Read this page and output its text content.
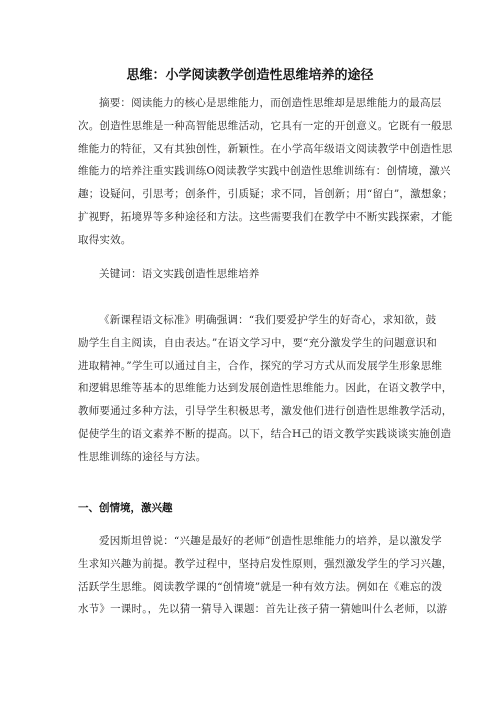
思维：小学阅读教学创造性思维培养的途径
摘要：阅读能力的核心是思维能力，而创造性思维却是思维能力的最高层
次。创造性思维是一种高智能思维活动，它具有一定的开创意义。它既有一般思
维能力的特征，又有其独创性，新颖性。在小学高年级语文阅读教学中创造性思
维能力的培养注重实践训练O阅读教学实践中创造性思维训练有：创情境，激兴
趣；设疑问，引思考；创条件，引质疑；求不同，旨创新；用“留白”，激想象；
扩视野，拓境界等多种途径和方法。这些需要我们在教学中不断实践探索，才能
取得实效。
关键词：语文实践创造性思维培养
《新课程语文标准》明确强调：“我们要爱护学生的好奇心，求知欲，鼓
励学生自主阅读，自由表达。”在语文学习中，要“充分激发学生的问题意识和
进取精神。”学生可以通过自主，合作，探究的学习方式从而发展学生形象思维
和逻辑思维等基本的思维能力达到发展创造性思维能力。因此，在语文教学中，
教师要通过多种方法，引导学生积极思考，激发他们进行创造性思维教学活动，
促使学生的语文素养不断的提高。以下，结合H己的语文教学实践谈谈实施创造
性思维训练的途径与方法。
一、创情境，激兴趣
爱因斯坦曾说：“兴趣是最好的老师”创造性思维能力的培养，是以激发学
生求知兴趣为前提。教学过程中，坚持启发性原则，强烈激发学生的学习兴趣，
活跃学生思维。阅读教学课的“创情境”就是一种有效方法。例如在《难忘的泼
水节》一课时。，先以猜一猜导入课题：首先让孩子猜一猜她叫什么老师，以游
